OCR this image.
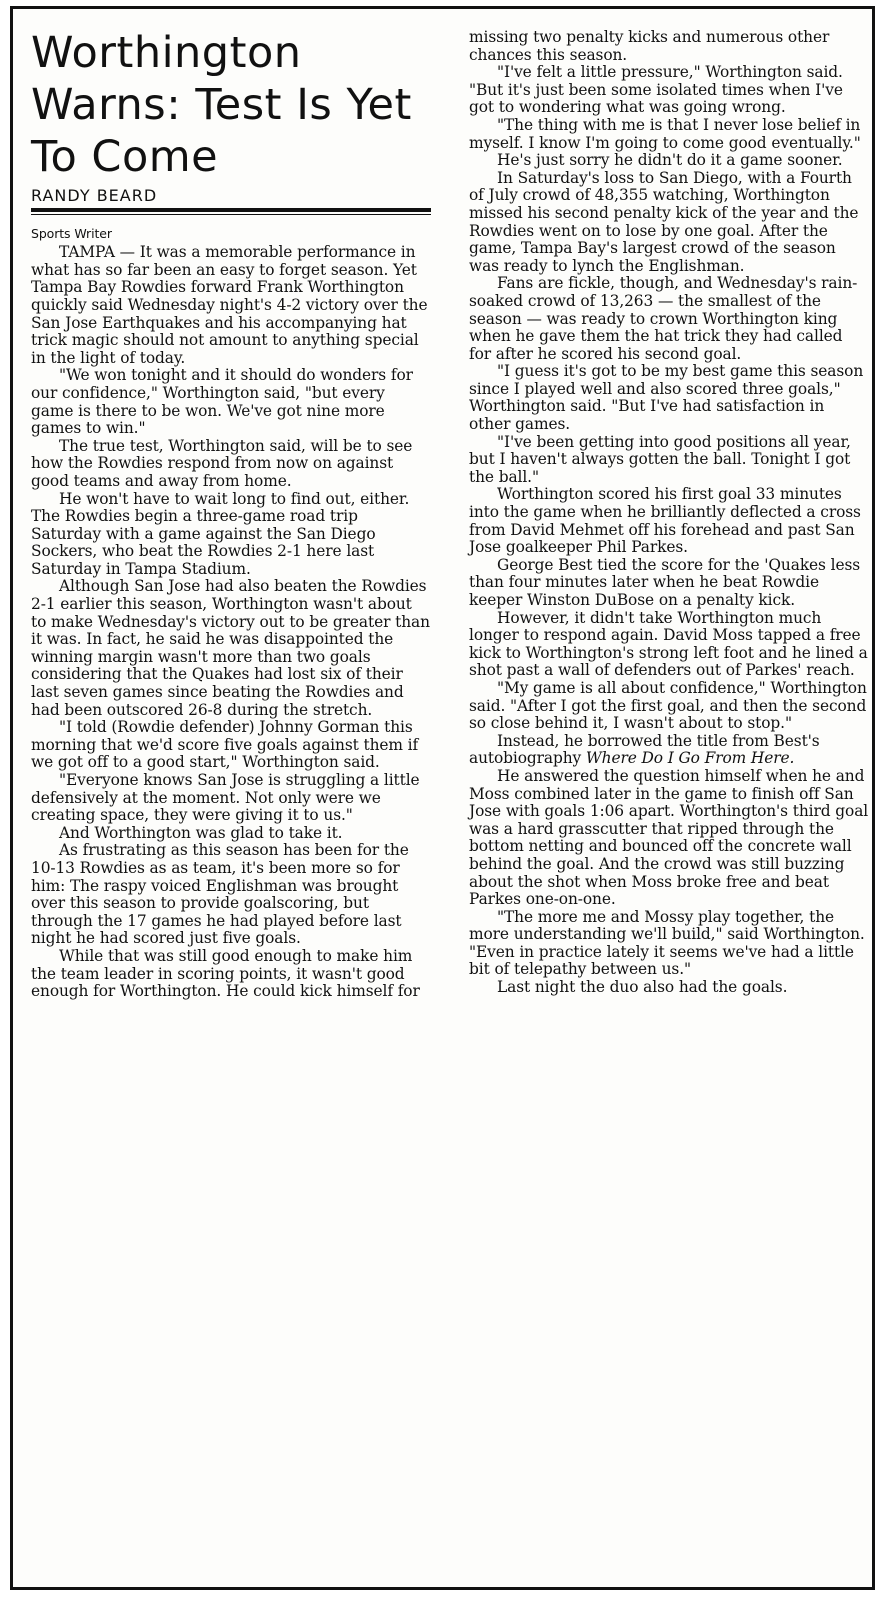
Worthington Warns: Test Is Yet To Come
RANDY BEARD
Sports Writer

TAMPA — It was a memorable performance in what has so far been an easy to forget season. Yet Tampa Bay Rowdies forward Frank Worthington quickly said Wednesday night's 4-2 victory over the San Jose Earthquakes and his accompanying hat trick magic should not amount to anything special in the light of today.

"We won tonight and it should do wonders for our confidence," Worthington said, "but every game is there to be won. We've got nine more games to win."

The true test, Worthington said, will be to see how the Rowdies respond from now on against good teams and away from home.

He won't have to wait long to find out, either. The Rowdies begin a three-game road trip Saturday with a game against the San Diego Sockers, who beat the Rowdies 2-1 here last Saturday in Tampa Stadium.

Although San Jose had also beaten the Rowdies 2-1 earlier this season, Worthington wasn't about to make Wednesday's victory out to be greater than it was. In fact, he said he was disappointed the winning margin wasn't more than two goals considering that the Quakes had lost six of their last seven games since beating the Rowdies and had been outscored 26-8 during the stretch.

"I told (Rowdie defender) Johnny Gorman this morning that we'd score five goals against them if we got off to a good start," Worthington said.

"Everyone knows San Jose is struggling a little defensively at the moment. Not only were we creating space, they were giving it to us."

And Worthington was glad to take it.

As frustrating as this season has been for the 10-13 Rowdies as as team, it's been more so for him: The raspy voiced Englishman was brought over this season to provide goalscoring, but through the 17 games he had played before last night he had scored just five goals.

While that was still good enough to make him the team leader in scoring points, it wasn't good enough for Worthington. He could kick himself for

missing two penalty kicks and numerous other chances this season.

"I've felt a little pressure," Worthington said. "But it's just been some isolated times when I've got to wondering what was going wrong.

"The thing with me is that I never lose belief in myself. I know I'm going to come good eventually."

He's just sorry he didn't do it a game sooner.

In Saturday's loss to San Diego, with a Fourth of July crowd of 48,355 watching, Worthington missed his second penalty kick of the year and the Rowdies went on to lose by one goal. After the game, Tampa Bay's largest crowd of the season was ready to lynch the Englishman.

Fans are fickle, though, and Wednesday's rain-soaked crowd of 13,263 — the smallest of the season — was ready to crown Worthington king when he gave them the hat trick they had called for after he scored his second goal.

"I guess it's got to be my best game this season since I played well and also scored three goals," Worthington said. "But I've had satisfaction in other games.

"I've been getting into good positions all year, but I haven't always gotten the ball. Tonight I got the ball."

Worthington scored his first goal 33 minutes into the game when he brilliantly deflected a cross from David Mehmet off his forehead and past San Jose goalkeeper Phil Parkes.

George Best tied the score for the 'Quakes less than four minutes later when he beat Rowdie keeper Winston DuBose on a penalty kick.

However, it didn't take Worthington much longer to respond again. David Moss tapped a free kick to Worthington's strong left foot and he lined a shot past a wall of defenders out of Parkes' reach.

"My game is all about confidence," Worthington said. "After I got the first goal, and then the second so close behind it, I wasn't about to stop."

Instead, he borrowed the title from Best's autobiography Where Do I Go From Here.

He answered the question himself when he and Moss combined later in the game to finish off San Jose with goals 1:06 apart. Worthington's third goal was a hard grasscutter that ripped through the bottom netting and bounced off the concrete wall behind the goal. And the crowd was still buzzing about the shot when Moss broke free and beat Parkes one-on-one.

"The more me and Mossy play together, the more understanding we'll build," said Worthington. "Even in practice lately it seems we've had a little bit of telepathy between us."

Last night the duo also had the goals.
